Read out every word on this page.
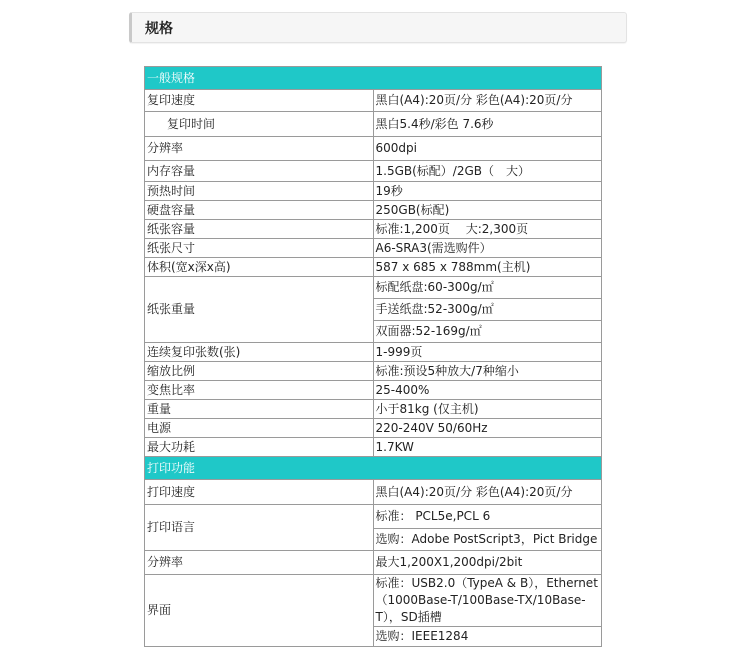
规格
一般规格	
复印速度	黑白(A4):20页/分 彩色(A4):20页/分
复印时间	黑白5.4秒/彩色 7.6秒
分辨率	600dpi
内存容量	1.5GB(标配）/2GB（　大）
预热时间	19秒
硬盘容量	250GB(标配)
纸张容量	标准:1,200页　 大:2,300页
纸张尺寸	A6-SRA3(需选购件）
体积(宽x深x高)	587 x 685 x 788mm(主机)
纸张重量	标配纸盘:60-300g/㎡
	手送纸盘:52-300g/㎡
	双面器:52-169g/㎡
连续复印张数(张)	1-999页
缩放比例	标准:预设5种放大/7种缩小
变焦比率	25-400%
重量	小于81kg (仅主机)
电源	220-240V 50/60Hz
最大功耗	1.7KW
打印功能	
打印速度	黑白(A4):20页/分 彩色(A4):20页/分
打印语言	标准： PCL5e,PCL 6
	选购：Adobe PostScript3，Pict Bridge
分辨率	最大1,200X1,200dpi/2bit
界面	标准：USB2.0（TypeA & B），Ethernet（1000Base-T/100Base-TX/10Base-T），SD插槽
	选购：IEEE1284
